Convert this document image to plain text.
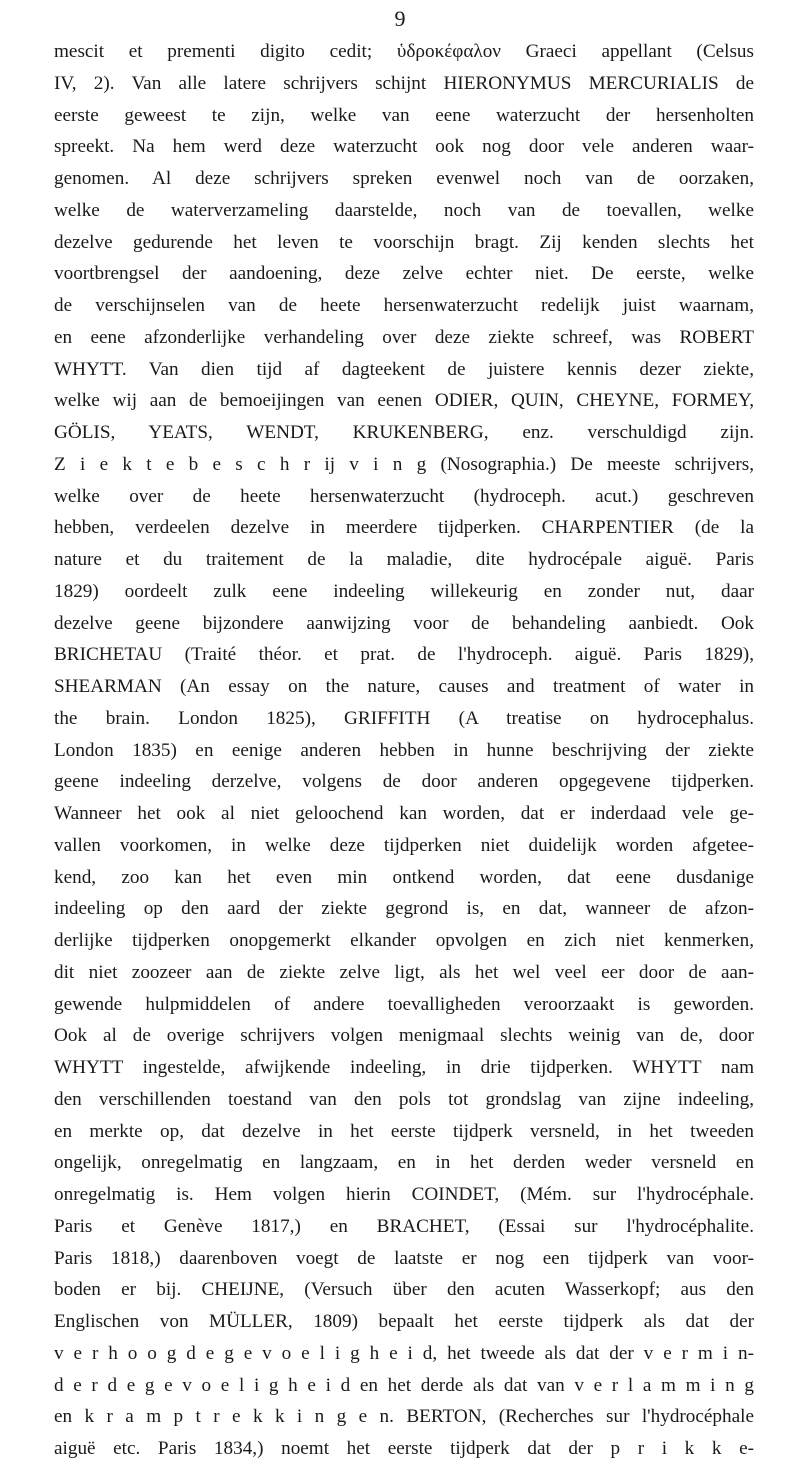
9
mescit et prementi digito cedit; ὑδροκέφαλον Graeci appellant (Celsus
IV, 2). Van alle latere schrijvers schijnt HIERONYMUS MERCURIALIS de
eerste geweest te zijn, welke van eene waterzucht der hersenholten
spreekt. Na hem werd deze waterzucht ook nog door vele anderen waar-
genomen. Al deze schrijvers spreken evenwel noch van de oorzaken,
welke de waterverzameling daarstelde, noch van de toevallen, welke
dezelve gedurende het leven te voorschijn bragt. Zij kenden slechts het
voortbrengsel der aandoening, deze zelve echter niet. De eerste, welke
de verschijnselen van de heete hersenwaterzucht redelijk juist waarnam,
en eene afzonderlijke verhandeling over deze ziekte schreef, was ROBERT
WHYTT. Van dien tijd af dagteekent de juistere kennis dezer ziekte,
welke wij aan de bemoeijingen van eenen ODIER, QUIN, CHEYNE, FORMEY,
GÖLIS, YEATS, WENDT, KRUKENBERG, enz. verschuldigd zijn.
Z i e k t e b e s c h r ij v i n g (Nosographia.) De meeste schrijvers,
welke over de heete hersenwaterzucht (hydroceph. acut.) geschreven
hebben, verdeelen dezelve in meerdere tijdperken. CHARPENTIER (de la
nature et du traitement de la maladie, dite hydrocépale aiguë. Paris
1829) oordeelt zulk eene indeeling willekeurig en zonder nut, daar
dezelve geene bijzondere aanwijzing voor de behandeling aanbiedt. Ook
BRICHETAU (Traité théor. et prat. de l'hydroceph. aiguë. Paris 1829),
SHEARMAN (An essay on the nature, causes and treatment of water in
the brain. London 1825), GRIFFITH (A treatise on hydrocephalus.
London 1835) en eenige anderen hebben in hunne beschrijving der ziekte
geene indeeling derzelve, volgens de door anderen opgegevene tijdperken.
Wanneer het ook al niet geloochend kan worden, dat er inderdaad vele ge-
vallen voorkomen, in welke deze tijdperken niet duidelijk worden afgetee-
kend, zoo kan het even min ontkend worden, dat eene dusdanige
indeeling op den aard der ziekte gegrond is, en dat, wanneer de afzon-
derlijke tijdperken onopgemerkt elkander opvolgen en zich niet kenmerken,
dit niet zoozeer aan de ziekte zelve ligt, als het wel veel eer door de aan-
gewende hulpmiddelen of andere toevalligheden veroorzaakt is geworden.
Ook al de overige schrijvers volgen menigmaal slechts weinig van de, door
WHYTT ingestelde, afwijkende indeeling, in drie tijdperken. WHYTT nam
den verschillenden toestand van den pols tot grondslag van zijne indeeling,
en merkte op, dat dezelve in het eerste tijdperk versneld, in het tweeden
ongelijk, onregelmatig en langzaam, en in het derden weder versneld en
onregelmatig is. Hem volgen hierin COINDET, (Mém. sur l'hydrocéphale.
Paris et Genève 1817,) en BRACHET, (Essai sur l'hydrocéphalite.
Paris 1818,) daarenboven voegt de laatste er nog een tijdperk van voor-
boden er bij. CHEIJNE, (Versuch über den acuten Wasserkopf; aus den
Englischen von MÜLLER, 1809) bepaalt het eerste tijdperk als dat der
v e r h o o g d e g e v o e l i g h e i d, het tweede als dat der v e r m i n-
d e r d e g e v o e l i g h e i d en het derde als dat van v e r l a m m i n g
en k r a m p t r e k k i n g e n. BERTON, (Recherches sur l'hydrocéphale
aiguë etc. Paris 1834,) noemt het eerste tijdperk dat der p r i k k e-
